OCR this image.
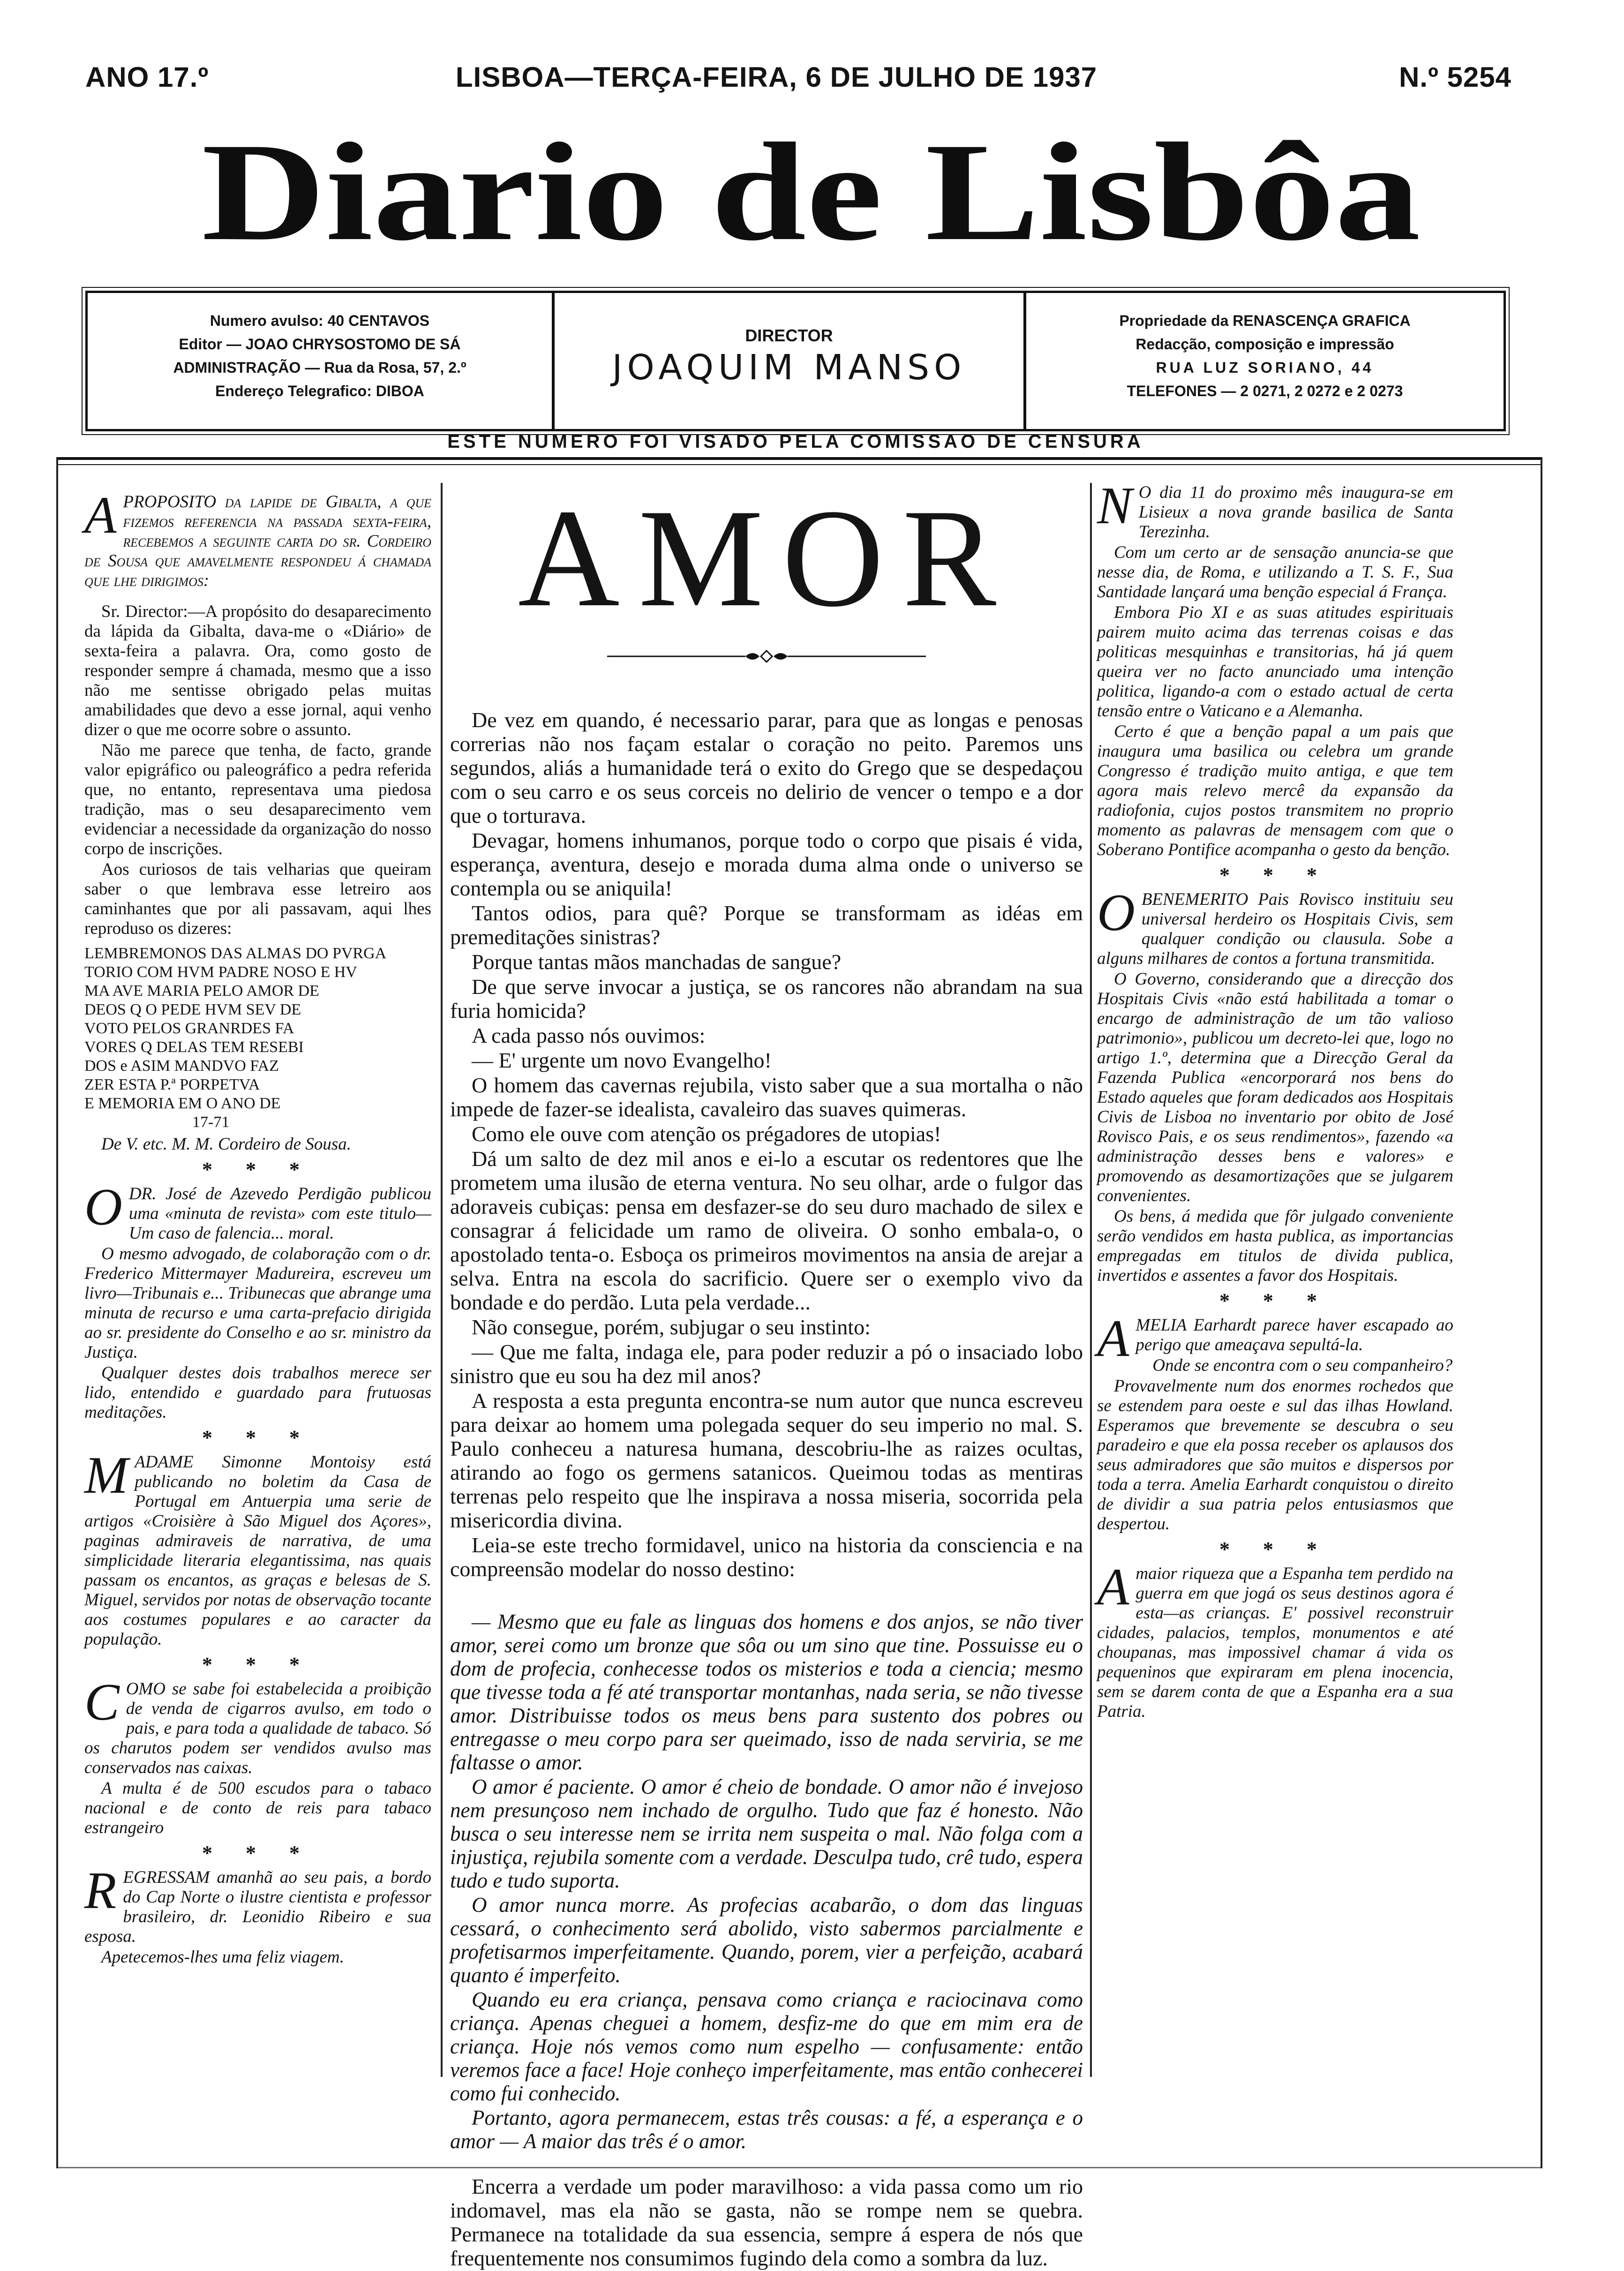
ANO 17.º	LISBOA—TERÇA-FEIRA, 6 DE JULHO DE 1937	N.º 5254
Diario de Lisbôa
Numero avulso: 40 CENTAVOS
Editor — JOAO CHRYSOSTOMO DE SÁ
ADMINISTRAÇÃO — Rua da Rosa, 57, 2.º
Endereço Telegrafico: DIBOA
DIRECTOR
JOAQUIM MANSO
Propriedade da RENASCENÇA GRAFICA
Redacção, composição e impressão
RUA LUZ SORIANO, 44
TELEFONES — 2 0271, 2 0272 e 2 0273
ESTE NUMERO FOI VISADO PELA COMISSAO DE CENSURA

A PROPOSITO da lapide de Gibalta, a que fizemos referencia na passada sexta-feira, recebemos a seguinte carta do sr. Cordeiro de Sousa que amavelmente respondeu á chamada que lhe dirigimos:

Sr. Director:—A propósito do desaparecimento da lápida da Gibalta, dava-me o «Diário» de sexta-feira a palavra. Ora, como gosto de responder sempre á chamada, mesmo que a isso não me sentisse obrigado pelas muitas amabilidades que devo a esse jornal, aqui venho dizer o que me ocorre sobre o assunto.

Não me parece que tenha, de facto, grande valor epigráfico ou paleográfico a pedra referida que, no entanto, representava uma piedosa tradição, mas o seu desaparecimento vem evidenciar a necessidade da organização do nosso corpo de inscrições.

Aos curiosos de tais velharias que queiram saber o que lembrava esse letreiro aos caminhantes que por ali passavam, aqui lhes reproduso os dizeres:

LEMBREMONOS DAS ALMAS DO PVRGA
TORIO COM HVM PADRE NOSO E HV
MA AVE MARIA PELO AMOR DE
DEOS Q O PEDE HVM SEV DE
VOTO PELOS GRANRDES FA
VORES Q DELAS TEM RESEBI
DOS e ASIM MANDVO FAZ
ZER ESTA P.ª PORPETVA
E MEMORIA EM O ANO DE
17-71

De V. etc. M. M. Cordeiro de Sousa.

* * *

O DR. José de Azevedo Perdigão publicou uma «minuta de revista» com este titulo—Um caso de falencia... moral.

O mesmo advogado, de colaboração com o dr. Frederico Mittermayer Madureira, escreveu um livro—Tribunais e... Tribunecas que abrange uma minuta de recurso e uma carta-prefacio dirigida ao sr. presidente do Conselho e ao sr. ministro da Justiça.

Qualquer destes dois trabalhos merece ser lido, entendido e guardado para frutuosas meditações.

* * *

M ADAME Simonne Montoisy está publicando no boletim da Casa de Portugal em Antuerpia uma serie de artigos «Croisière à São Miguel dos Açores», paginas admiraveis de narrativa, de uma simplicidade literaria elegantissima, nas quais passam os encantos, as graças e belesas de S. Miguel, servidos por notas de observação tocante aos costumes populares e ao caracter da população.

* * *

C OMO se sabe foi estabelecida a proibição de venda de cigarros avulso, em todo o pais, e para toda a qualidade de tabaco. Só os charutos podem ser vendidos avulso mas conservados nas caixas.

A multa é de 500 escudos para o tabaco nacional e de conto de reis para tabaco estrangeiro

* * *

R EGRESSAM amanhã ao seu pais, a bordo do Cap Norte o ilustre cientista e professor brasileiro, dr. Leonidio Ribeiro e sua esposa.

Apetecemos-lhes uma feliz viagem.

AMOR

De vez em quando, é necessario parar, para que as longas e penosas correrias não nos façam estalar o coração no peito. Paremos uns segundos, aliás a humanidade terá o exito do Grego que se despedaçou com o seu carro e os seus corceis no delirio de vencer o tempo e a dor que o torturava.

Devagar, homens inhumanos, porque todo o corpo que pisais é vida, esperança, aventura, desejo e morada duma alma onde o universo se contempla ou se aniquila!

Tantos odios, para quê? Porque se transformam as idéas em premeditações sinistras?

Porque tantas mãos manchadas de sangue?

De que serve invocar a justiça, se os rancores não abrandam na sua furia homicida?

A cada passo nós ouvimos:

— E' urgente um novo Evangelho!

O homem das cavernas rejubila, visto saber que a sua mortalha o não impede de fazer-se idealista, cavaleiro das suaves quimeras.

Como ele ouve com atenção os prégadores de utopias!

Dá um salto de dez mil anos e ei-lo a escutar os redentores que lhe prometem uma ilusão de eterna ventura. No seu olhar, arde o fulgor das adoraveis cubiças: pensa em desfazer-se do seu duro machado de silex e consagrar á felicidade um ramo de oliveira. O sonho embala-o, o apostolado tenta-o. Esboça os primeiros movimentos na ansia de arejar a selva. Entra na escola do sacrificio. Quere ser o exemplo vivo da bondade e do perdão. Luta pela verdade...

Não consegue, porém, subjugar o seu instinto:

— Que me falta, indaga ele, para poder reduzir a pó o insaciado lobo sinistro que eu sou ha dez mil anos?

A resposta a esta pregunta encontra-se num autor que nunca escreveu para deixar ao homem uma polegada sequer do seu imperio no mal. S. Paulo conheceu a naturesa humana, descobriu-lhe as raizes ocultas, atirando ao fogo os germens satanicos. Queimou todas as mentiras terrenas pelo respeito que lhe inspirava a nossa miseria, socorrida pela misericordia divina.

Leia-se este trecho formidavel, unico na historia da consciencia e na compreensão modelar do nosso destino:

— Mesmo que eu fale as linguas dos homens e dos anjos, se não tiver amor, serei como um bronze que sôa ou um sino que tine. Possuisse eu o dom de profecia, conhecesse todos os misterios e toda a ciencia; mesmo que tivesse toda a fé até transportar montanhas, nada seria, se não tivesse amor. Distribuisse todos os meus bens para sustento dos pobres ou entregasse o meu corpo para ser queimado, isso de nada serviria, se me faltasse o amor.

O amor é paciente. O amor é cheio de bondade. O amor não é invejoso nem presunçoso nem inchado de orgulho. Tudo que faz é honesto. Não busca o seu interesse nem se irrita nem suspeita o mal. Não folga com a injustiça, rejubila somente com a verdade. Desculpa tudo, crê tudo, espera tudo e tudo suporta.

O amor nunca morre. As profecias acabarão, o dom das linguas cessará, o conhecimento será abolido, visto sabermos parcialmente e profetisarmos imperfeitamente. Quando, porem, vier a perfeição, acabará quanto é imperfeito.

Quando eu era criança, pensava como criança e raciocinava como criança. Apenas cheguei a homem, desfiz-me do que em mim era de criança. Hoje nós vemos como num espelho — confusamente: então veremos face a face! Hoje conheço imperfeitamente, mas então conhecerei como fui conhecido.

Portanto, agora permanecem, estas três cousas: a fé, a esperança e o amor — A maior das três é o amor.

Encerra a verdade um poder maravilhoso: a vida passa como um rio indomavel, mas ela não se gasta, não se rompe nem se quebra. Permanece na totalidade da sua essencia, sempre á espera de nós que frequentemente nos consumimos fugindo dela como a sombra da luz.

N O dia 11 do proximo mês inaugura-se em Lisieux a nova grande basilica de Santa Terezinha.

Com um certo ar de sensação anuncia-se que nesse dia, de Roma, e utilizando a T. S. F., Sua Santidade lançará uma benção especial á França.

Embora Pio XI e as suas atitudes espirituais pairem muito acima das terrenas coisas e das politicas mesquinhas e transitorias, há já quem queira ver no facto anunciado uma intenção politica, ligando-a com o estado actual de certa tensão entre o Vaticano e a Alemanha.

Certo é que a benção papal a um pais que inaugura uma basilica ou celebra um grande Congresso é tradição muito antiga, e que tem agora mais relevo mercê da expansão da radiofonia, cujos postos transmitem no proprio momento as palavras de mensagem com que o Soberano Pontifice acompanha o gesto da benção.

* * *

O BENEMERITO Pais Rovisco instituiu seu universal herdeiro os Hospitais Civis, sem qualquer condição ou clausula. Sobe a alguns milhares de contos a fortuna transmitida.

O Governo, considerando que a direcção dos Hospitais Civis «não está habilitada a tomar o encargo de administração de um tão valioso patrimonio», publicou um decreto-lei que, logo no artigo 1.º, determina que a Direcção Geral da Fazenda Publica «encorporará nos bens do Estado aqueles que foram dedicados aos Hospitais Civis de Lisboa no inventario por obito de José Rovisco Pais, e os seus rendimentos», fazendo «a administração desses bens e valores» e promovendo as desamortizações que se julgarem convenientes.

Os bens, á medida que fôr julgado conveniente serão vendidos em hasta publica, as importancias empregadas em titulos de divida publica, invertidos e assentes a favor dos Hospitais.

* * *

A MELIA Earhardt parece haver escapado ao perigo que ameaçava sepultá-la.

Onde se encontra com o seu companheiro?

Provavelmente num dos enormes rochedos que se estendem para oeste e sul das ilhas Howland. Esperamos que brevemente se descubra o seu paradeiro e que ela possa receber os aplausos dos seus admiradores que são muitos e dispersos por toda a terra. Amelia Earhardt conquistou o direito de dividir a sua patria pelos entusiasmos que despertou.

* * *

A maior riqueza que a Espanha tem perdido na guerra em que jogá os seus destinos agora é esta—as crianças. E' possivel reconstruir cidades, palacios, templos, monumentos e até choupanas, mas impossivel chamar á vida os pequeninos que expiraram em plena inocencia, sem se darem conta de que a Espanha era a sua Patria.
